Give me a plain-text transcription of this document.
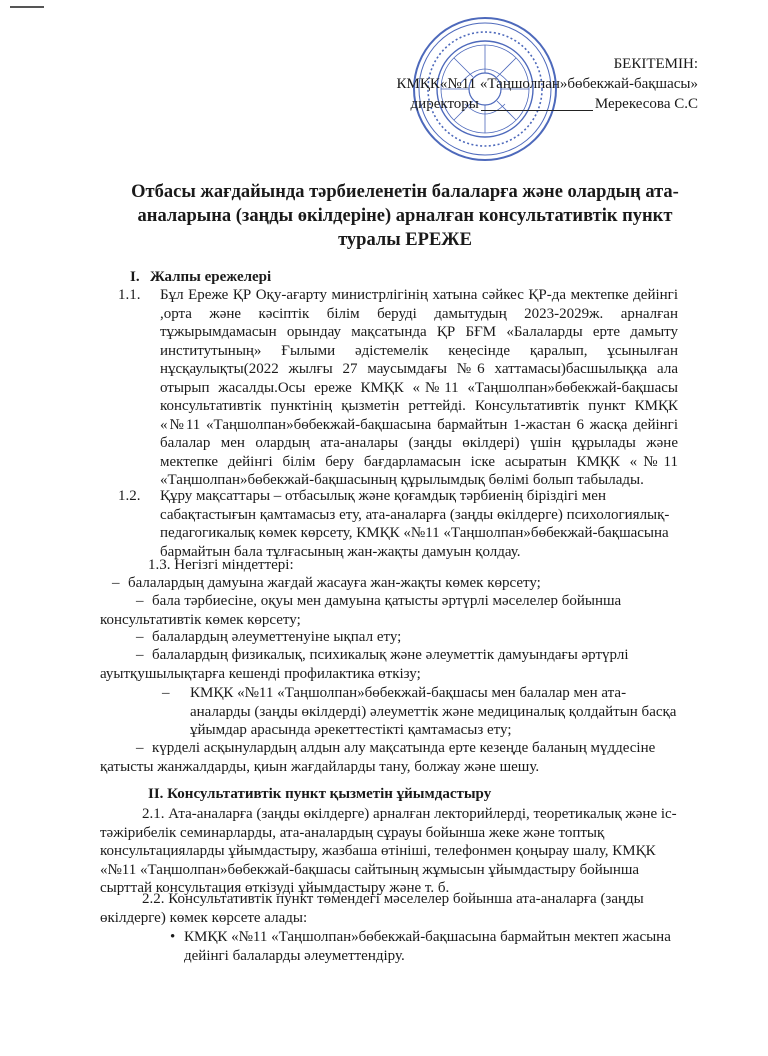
БЕКІТЕМІН:
КМҚК«№11 «Таңшолпан»бөбекжай-бақшасы»
директоры	Мерекесова С.С
Отбасы жағдайында тәрбиеленетін балаларға және олардың ата-аналарына (заңды өкілдеріне) арналған консультативтік пункт туралы ЕРЕЖЕ
I. Жалпы ережелері
1.1. Бұл Ереже ҚР Оқу-ағарту министрлігінің хатына сәйкес ҚР-да мектепке дейінгі ,орта және кәсіптік білім беруді дамытудың 2023-2029ж. арналған тұжырымдамасын орындау мақсатында ҚР БҒМ «Балаларды ерте дамыту институтының» Ғылыми әдістемелік кеңесінде қаралып, ұсынылған нұсқаулықты(2022 жылғы 27 маусымдағы №6 хаттамасы)басшылыққа ала отырып жасалды.Осы ереже КМҚК «№11 «Таңшолпан»бөбекжай-бақшасы консультативтік пунктінің қызметін реттейді. Консультативтік пункт КМҚК «№11 «Таңшолпан»бөбекжай-бақшасына бармайтын 1-жастан 6 жасқа дейінгі балалар мен олардың ата-аналары (заңды өкілдері) үшін құрылады және мектепке дейінгі білім беру бағдарламасын іске асыратын КМҚК «№11 «Таңшолпан»бөбекжай-бақшасының құрылымдық бөлімі болып табылады.
1.2. Құру мақсаттары – отбасылық және қоғамдық тәрбиенің біріздігі мен сабақтастығын қамтамасыз ету, ата-аналарға (заңды өкілдерге) психологиялық-педагогикалық көмек көрсету, КМҚК «№11 «Таңшолпан»бөбекжай-бақшасына бармайтын бала тұлғасының жан-жақты дамуын қолдау.
1.3. Негізгі міндеттері:
– балалардың дамуына жағдай жасауға жан-жақты көмек көрсету;
– бала тәрбиесіне, оқуы мен дамуына қатысты әртүрлі мәселелер бойынша консультативтік көмек көрсету;
– балалардың әлеуметтенуіне ықпал ету;
– балалардың физикалық, психикалық және әлеуметтік дамуындағы әртүрлі ауытқушылықтарға кешенді профилактика өткізу;
– КМҚК «№11 «Таңшолпан»бөбекжай-бақшасы мен балалар мен ата-аналарды (заңды өкілдерді) әлеуметтік және медициналық қолдайтын басқа ұйымдар арасында әрекеттестікті қамтамасыз ету;
– күрделі асқынулардың алдын алу мақсатында ерте кезеңде баланың мүддесіне қатысты жанжалдарды, қиын жағдайларды тану, болжау және шешу.
II. Консультативтік пункт қызметін ұйымдастыру
2.1. Ата-аналарға (заңды өкілдерге) арналған лекторийлерді, теоретикалық және іс-тәжірибелік семинарларды, ата-аналардың сұрауы бойынша жеке және топтық консультацияларды ұйымдастыру, жазбаша өтініші, телефонмен қоңырау шалу, КМҚК «№11 «Таңшолпан»бөбекжай-бақшасы сайтының жұмысын ұйымдастыру бойынша сырттай консультация өткізуді ұйымдастыру және т. б.
2.2. Консультативтік пункт төмендегі мәселелер бойынша ата-аналарға (заңды өкілдерге) көмек көрсете алады:
• КМҚК «№11 «Таңшолпан»бөбекжай-бақшасына бармайтын мектеп жасына дейінгі балаларды әлеуметтендіру.
